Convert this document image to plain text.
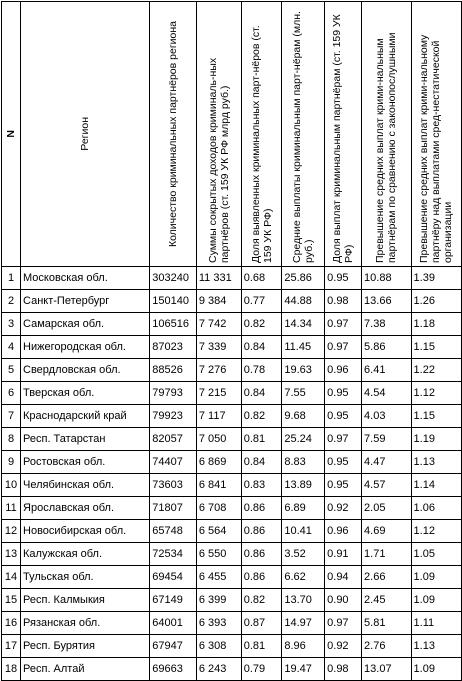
N	Регион	Количество криминальных партнёров региона	Суммы сокрытых доходов криминаль-ных партнёров (ст. 159 УК РФ млрд руб.)	Доля выявленных криминальных парт-нёров (ст. 159 УК РФ)	Средние выплаты криминальным парт-нёрам (млн. руб.)	Доля выплат криминальным партнёрам (ст. 159 УК РФ)	Превышение средних выплат крими-нальным партнёрам по сравнению с законопослушными	Превышение средних выплат крими-нальному партнёру над выплатами сред-нестатической организации

1	Московская обл.	303240	11 331	0.68	25.86	0.95	10.88	1.39
2	Санкт-Петербург	150140	9 384	0.77	44.88	0.98	13.66	1.26
3	Самарская обл.	106516	7 742	0.82	14.34	0.97	7.38	1.18
4	Нижегородская обл.	87023	7 339	0.84	11.45	0.97	5.86	1.15
5	Свердловская обл.	88526	7 276	0.78	19.63	0.96	6.41	1.22
6	Тверская обл.	79793	7 215	0.84	7.55	0.95	4.54	1.12
7	Краснодарский край	79923	7 117	0.82	9.68	0.95	4.03	1.15
8	Респ. Татарстан	82057	7 050	0.81	25.24	0.97	7.59	1.19
9	Ростовская обл.	74407	6 869	0.84	8.83	0.95	4.47	1.13
10	Челябинская обл.	73603	6 841	0.83	13.89	0.95	4.57	1.14
11	Ярославская обл.	71807	6 708	0.86	6.89	0.92	2.05	1.06
12	Новосибирская обл.	65748	6 564	0.86	10.41	0.96	4.69	1.12
13	Калужская обл.	72534	6 550	0.86	3.52	0.91	1.71	1.05
14	Тульская обл.	69454	6 455	0.86	6.62	0.94	2.66	1.09
15	Респ. Калмыкия	67149	6 399	0.82	13.70	0.90	2.45	1.09
16	Рязанская обл.	64001	6 393	0.87	14.97	0.97	5.81	1.11
17	Респ. Бурятия	67947	6 308	0.81	8.96	0.92	2.76	1.13
18	Респ. Алтай	69663	6 243	0.79	19.47	0.98	13.07	1.09
